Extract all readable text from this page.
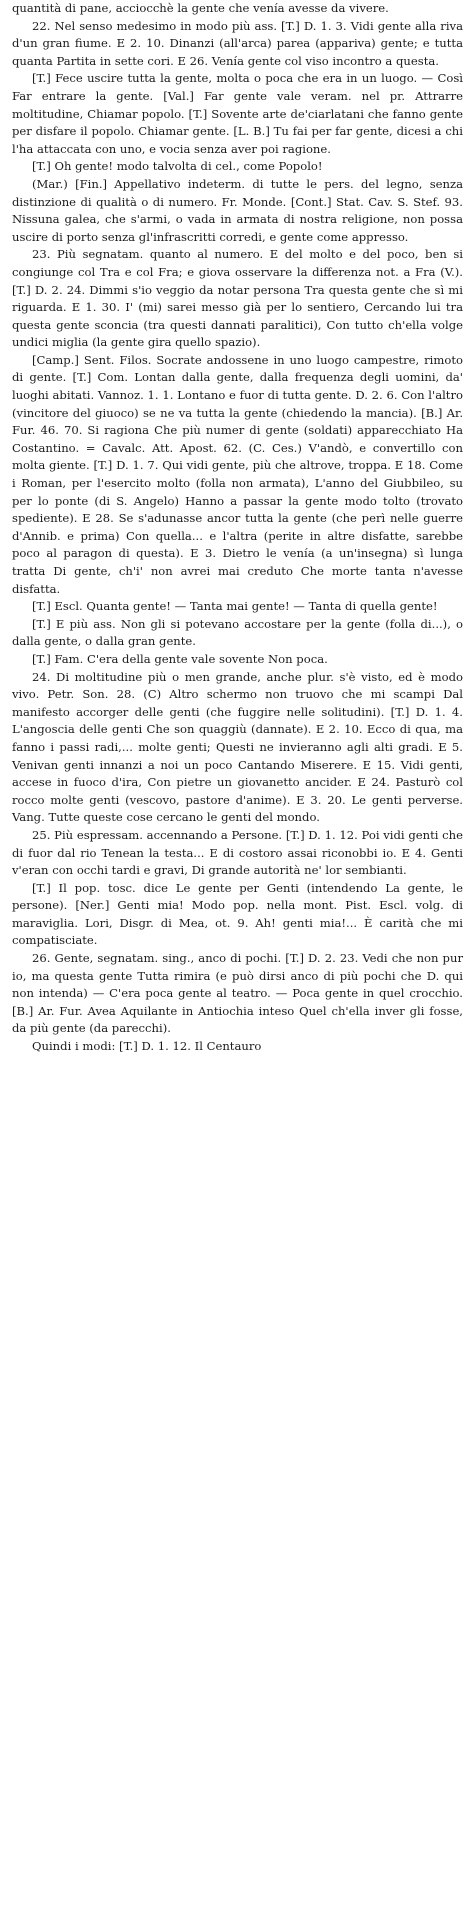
quantità di pane, acciocchè la gente che venía avesse da vivere.

22. Nel senso medesimo in modo più ass. [T.] D. 1. 3. Vidi gente alla riva d'un gran fiume. E 2. 10. Dinanzi (all'arca) parea (appariva) gente; e tutta quanta Partita in sette cori. E 26. Venía gente col viso incontro a questa.

[T.] Fece uscire tutta la gente, molta o poca che era in un luogo. — Così Far entrare la gente. [Val.] Far gente vale veram. nel pr. Attrarre moltitudine, Chiamar popolo. [T.] Sovente arte de'ciarlatani che fanno gente per disfare il popolo. Chiamar gente. [L. B.] Tu fai per far gente, dicesi a chi l'ha attaccata con uno, e vocia senza aver poi ragione.

[T.] Oh gente! modo talvolta di cel., come Popolo!

(Mar.) [Fin.] Appellativo indeterm. di tutte le pers. del legno, senza distinzione di qualità o di numero. Fr. Monde. [Cont.] Stat. Cav. S. Stef. 93. Nissuna galea, che s'armi, o vada in armata di nostra religione, non possa uscire di porto senza gl'infrascritti corredi, e gente come appresso.

23. Più segnatam. quanto al numero. E del molto e del poco, ben si congiunge col Tra e col Fra; e giova osservare la differenza not. a Fra (V.). [T.] D. 2. 24. Dimmi s'io veggio da notar persona Tra questa gente che sì mi riguarda. E 1. 30. I' (mi) sarei messo già per lo sentiero, Cercando lui tra questa gente sconcia (tra questi dannati paralitici), Con tutto ch'ella volge undici miglia (la gente gira quello spazio).

[Camp.] Sent. Filos. Socrate andossene in uno luogo campestre, rimoto di gente. [T.] Com. Lontan dalla gente, dalla frequenza degli uomini, da' luoghi abitati. Vannoz. 1. 1. Lontano e fuor di tutta gente. D. 2. 6. Con l'altro (vincitore del giuoco) se ne va tutta la gente (chiedendo la mancia). [B.] Ar. Fur. 46. 70. Si ragiona Che più numer di gente (soldati) apparecchiato Ha Costantino. = Cavalc. Att. Apost. 62. (C. Ces.) V'andò, e convertillo con molta giente. [T.] D. 1. 7. Qui vidi gente, più che altrove, troppa. E 18. Come i Roman, per l'esercito molto (folla non armata), L'anno del Giubbileo, su per lo ponte (di S. Angelo) Hanno a passar la gente modo tolto (trovato spediente). E 28. Se s'adunasse ancor tutta la gente (che perì nelle guerre d'Annib. e prima) Con quella... e l'altra (perite in altre disfatte, sarebbe poco al paragon di questa). E 3. Dietro le venía (a un'insegna) sì lunga tratta Di gente, ch'i' non avrei mai creduto Che morte tanta n'avesse disfatta.

[T.] Escl. Quanta gente! — Tanta mai gente! — Tanta di quella gente!

[T.] E più ass. Non gli si potevano accostare per la gente (folla di...), o dalla gente, o dalla gran gente.

[T.] Fam. C'era della gente vale sovente Non poca.

24. Di moltitudine più o men grande, anche plur. s'è visto, ed è modo vivo. Petr. Son. 28. (C) Altro schermo non truovo che mi scampi Dal manifesto accorger delle genti (che fuggire nelle solitudini). [T.] D. 1. 4. L'angoscia delle genti Che son quaggiù (dannate). E 2. 10. Ecco di qua, ma fanno i passi radi,... molte genti; Questi ne invieranno agli alti gradi. E 5. Venivan genti innanzi a noi un poco Cantando Miserere. E 15. Vidi genti, accese in fuoco d'ira, Con pietre un giovanetto ancider. E 24. Pasturò col rocco molte genti (vescovo, pastore d'anime). E 3. 20. Le genti perverse. Vang. Tutte queste cose cercano le genti del mondo.

25. Più espressam. accennando a Persone. [T.] D. 1. 12. Poi vidi genti che di fuor dal rio Tenean la testa... E di costoro assai riconobbi io. E 4. Genti v'eran con occhi tardi e gravi, Di grande autorità ne' lor sembianti.

[T.] Il pop. tosc. dice Le gente per Genti (intendendo La gente, le persone). [Ner.] Genti mia! Modo pop. nella mont. Pist. Escl. volg. di maraviglia. Lori, Disgr. di Mea, ot. 9. Ah! genti mia!... È carità che mi compatisciate.

26. Gente, segnatam. sing., anco di pochi. [T.] D. 2. 23. Vedi che non pur io, ma questa gente Tutta rimira (e può dirsi anco di più pochi che D. qui non intenda) — C'era poca gente al teatro. — Poca gente in quel crocchio. [B.] Ar. Fur. Avea Aquilante in Antiochia inteso Quel ch'ella inver gli fosse, da più gente (da parecchi).

Quindi i modi: [T.] D. 1. 12. Il Centauro
